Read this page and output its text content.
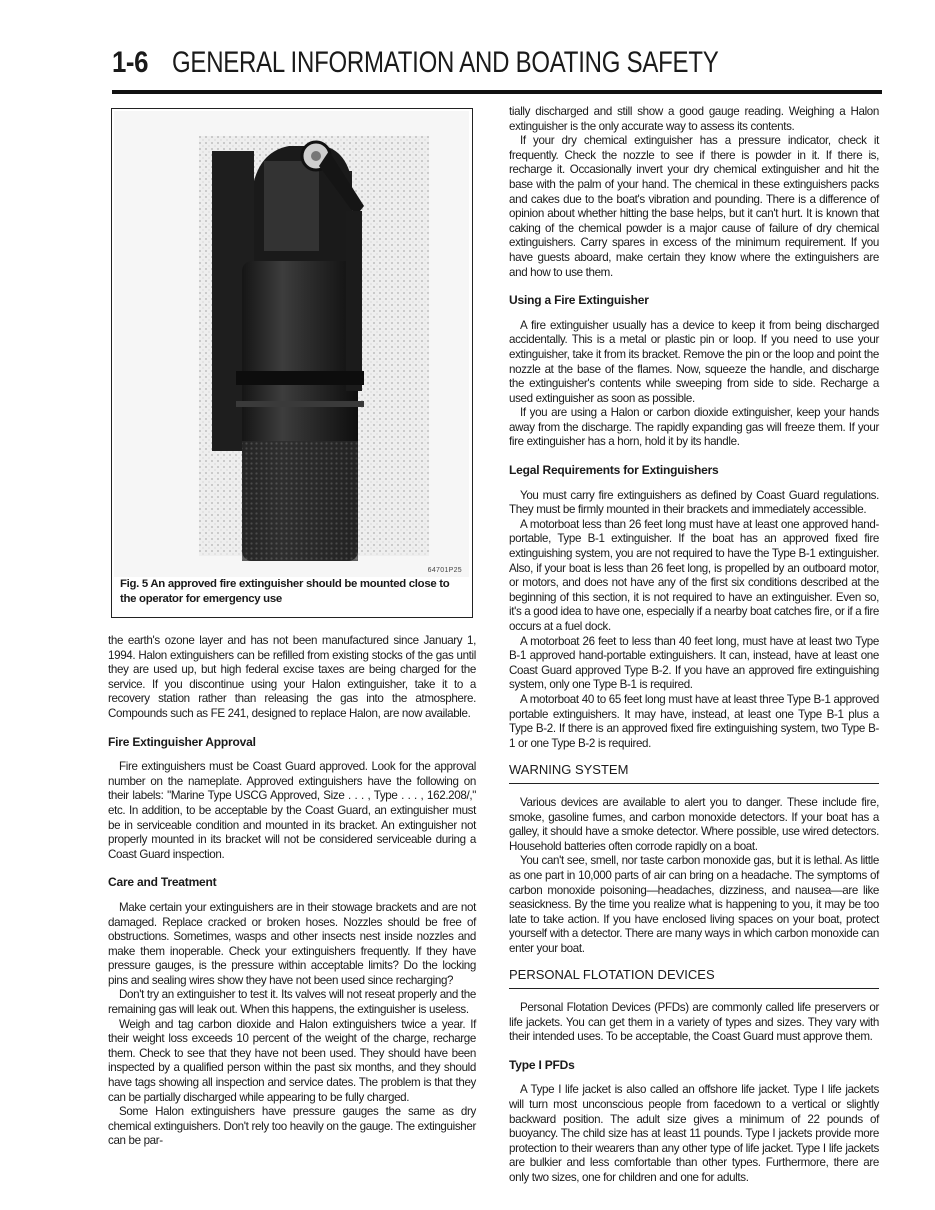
1-6 GENERAL INFORMATION AND BOATING SAFETY
64701P25
Fig. 5 An approved fire extinguisher should be mounted close to the operator for emergency use

the earth's ozone layer and has not been manufactured since January 1, 1994. Halon extinguishers can be refilled from existing stocks of the gas until they are used up, but high federal excise taxes are being charged for the service. If you discontinue using your Halon extinguisher, take it to a recovery station rather than releasing the gas into the atmosphere. Compounds such as FE 241, designed to replace Halon, are now available.

Fire Extinguisher Approval

Fire extinguishers must be Coast Guard approved. Look for the approval number on the nameplate. Approved extinguishers have the following on their labels: "Marine Type USCG Approved, Size . . . , Type . . . , 162.208/," etc. In addition, to be acceptable by the Coast Guard, an extinguisher must be in serviceable condition and mounted in its bracket. An extinguisher not properly mounted in its bracket will not be considered serviceable during a Coast Guard inspection.

Care and Treatment

Make certain your extinguishers are in their stowage brackets and are not damaged. Replace cracked or broken hoses. Nozzles should be free of obstructions. Sometimes, wasps and other insects nest inside nozzles and make them inoperable. Check your extinguishers frequently. If they have pressure gauges, is the pressure within acceptable limits? Do the locking pins and sealing wires show they have not been used since recharging?

Don't try an extinguisher to test it. Its valves will not reseat properly and the remaining gas will leak out. When this happens, the extinguisher is useless.

Weigh and tag carbon dioxide and Halon extinguishers twice a year. If their weight loss exceeds 10 percent of the weight of the charge, recharge them. Check to see that they have not been used. They should have been inspected by a qualified person within the past six months, and they should have tags showing all inspection and service dates. The problem is that they can be partially discharged while appearing to be fully charged.

Some Halon extinguishers have pressure gauges the same as dry chemical extinguishers. Don't rely too heavily on the gauge. The extinguisher can be par-

tially discharged and still show a good gauge reading. Weighing a Halon extinguisher is the only accurate way to assess its contents.

If your dry chemical extinguisher has a pressure indicator, check it frequently. Check the nozzle to see if there is powder in it. If there is, recharge it. Occasionally invert your dry chemical extinguisher and hit the base with the palm of your hand. The chemical in these extinguishers packs and cakes due to the boat's vibration and pounding. There is a difference of opinion about whether hitting the base helps, but it can't hurt. It is known that caking of the chemical powder is a major cause of failure of dry chemical extinguishers. Carry spares in excess of the minimum requirement. If you have guests aboard, make certain they know where the extinguishers are and how to use them.

Using a Fire Extinguisher

A fire extinguisher usually has a device to keep it from being discharged accidentally. This is a metal or plastic pin or loop. If you need to use your extinguisher, take it from its bracket. Remove the pin or the loop and point the nozzle at the base of the flames. Now, squeeze the handle, and discharge the extinguisher's contents while sweeping from side to side. Recharge a used extinguisher as soon as possible.

If you are using a Halon or carbon dioxide extinguisher, keep your hands away from the discharge. The rapidly expanding gas will freeze them. If your fire extinguisher has a horn, hold it by its handle.

Legal Requirements for Extinguishers

You must carry fire extinguishers as defined by Coast Guard regulations. They must be firmly mounted in their brackets and immediately accessible.

A motorboat less than 26 feet long must have at least one approved hand-portable, Type B-1 extinguisher. If the boat has an approved fixed fire extinguishing system, you are not required to have the Type B-1 extinguisher. Also, if your boat is less than 26 feet long, is propelled by an outboard motor, or motors, and does not have any of the first six conditions described at the beginning of this section, it is not required to have an extinguisher. Even so, it's a good idea to have one, especially if a nearby boat catches fire, or if a fire occurs at a fuel dock.

A motorboat 26 feet to less than 40 feet long, must have at least two Type B-1 approved hand-portable extinguishers. It can, instead, have at least one Coast Guard approved Type B-2. If you have an approved fire extinguishing system, only one Type B-1 is required.

A motorboat 40 to 65 feet long must have at least three Type B-1 approved portable extinguishers. It may have, instead, at least one Type B-1 plus a Type B-2. If there is an approved fixed fire extinguishing system, two Type B-1 or one Type B-2 is required.

WARNING SYSTEM

Various devices are available to alert you to danger. These include fire, smoke, gasoline fumes, and carbon monoxide detectors. If your boat has a galley, it should have a smoke detector. Where possible, use wired detectors. Household batteries often corrode rapidly on a boat.

You can't see, smell, nor taste carbon monoxide gas, but it is lethal. As little as one part in 10,000 parts of air can bring on a headache. The symptoms of carbon monoxide poisoning—headaches, dizziness, and nausea—are like seasickness. By the time you realize what is happening to you, it may be too late to take action. If you have enclosed living spaces on your boat, protect yourself with a detector. There are many ways in which carbon monoxide can enter your boat.

PERSONAL FLOTATION DEVICES

Personal Flotation Devices (PFDs) are commonly called life preservers or life jackets. You can get them in a variety of types and sizes. They vary with their intended uses. To be acceptable, the Coast Guard must approve them.

Type I PFDs

A Type I life jacket is also called an offshore life jacket. Type I life jackets will turn most unconscious people from facedown to a vertical or slightly backward position. The adult size gives a minimum of 22 pounds of buoyancy. The child size has at least 11 pounds. Type I jackets provide more protection to their wearers than any other type of life jacket. Type I life jackets are bulkier and less comfortable than other types. Furthermore, there are only two sizes, one for children and one for adults.
